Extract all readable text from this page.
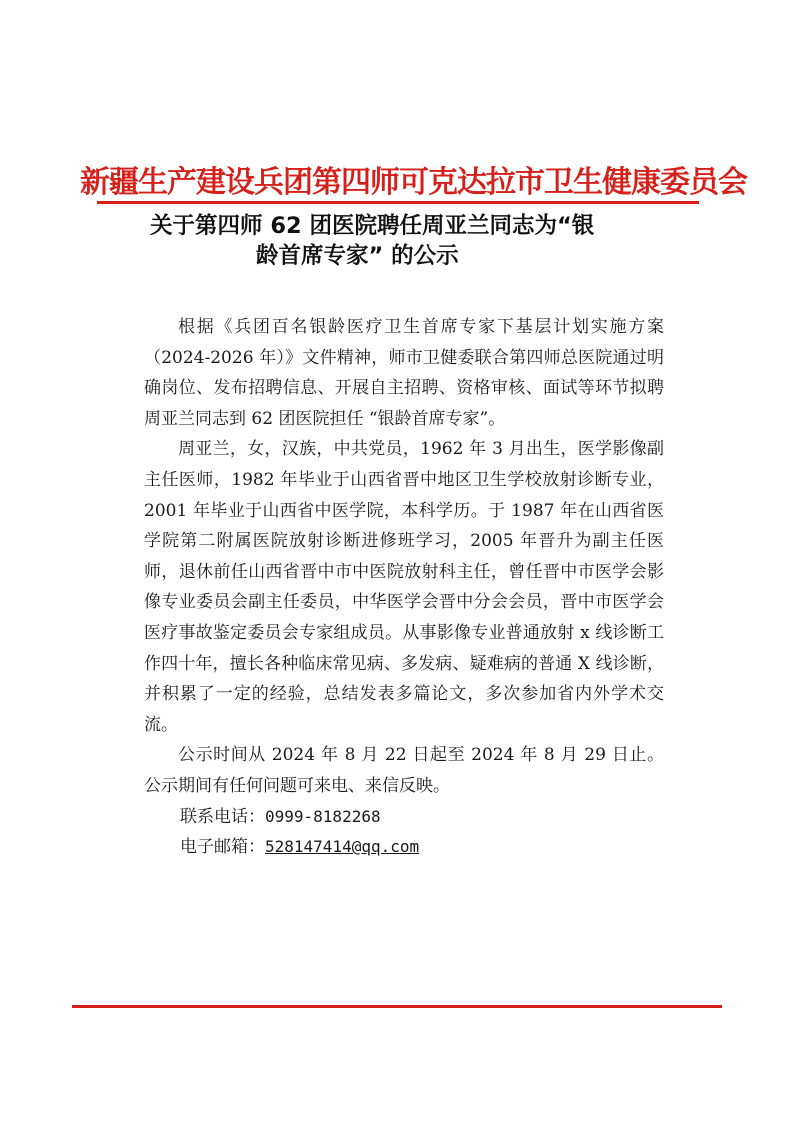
新疆生产建设兵团第四师可克达拉市卫生健康委员会
关于第四师 62 团医院聘任周亚兰同志为“银
龄首席专家” 的公示

根据《兵团百名银龄医疗卫生首席专家下基层计划实施方案（2024-2026 年）》文件精神，师市卫健委联合第四师总医院通过明确岗位、发布招聘信息、开展自主招聘、资格审核、面试等环节拟聘周亚兰同志到 62 团医院担任 “银龄首席专家”。

周亚兰，女，汉族，中共党员，1962 年 3 月出生，医学影像副主任医师，1982 年毕业于山西省晋中地区卫生学校放射诊断专业，2001 年毕业于山西省中医学院，本科学历。于 1987 年在山西省医学院第二附属医院放射诊断进修班学习，2005 年晋升为副主任医师，退休前任山西省晋中市中医院放射科主任，曾任晋中市医学会影像专业委员会副主任委员，中华医学会晋中分会会员，晋中市医学会医疗事故鉴定委员会专家组成员。从事影像专业普通放射 x 线诊断工作四十年，擅长各种临床常见病、多发病、疑难病的普通 X 线诊断，并积累了一定的经验，总结发表多篇论文，多次参加省内外学术交流。

公示时间从 2024 年 8 月 22 日起至 2024 年 8 月 29 日止。公示期间有任何问题可来电、来信反映。

联系电话：0999-8182268

电子邮箱：528147414@qq.com
